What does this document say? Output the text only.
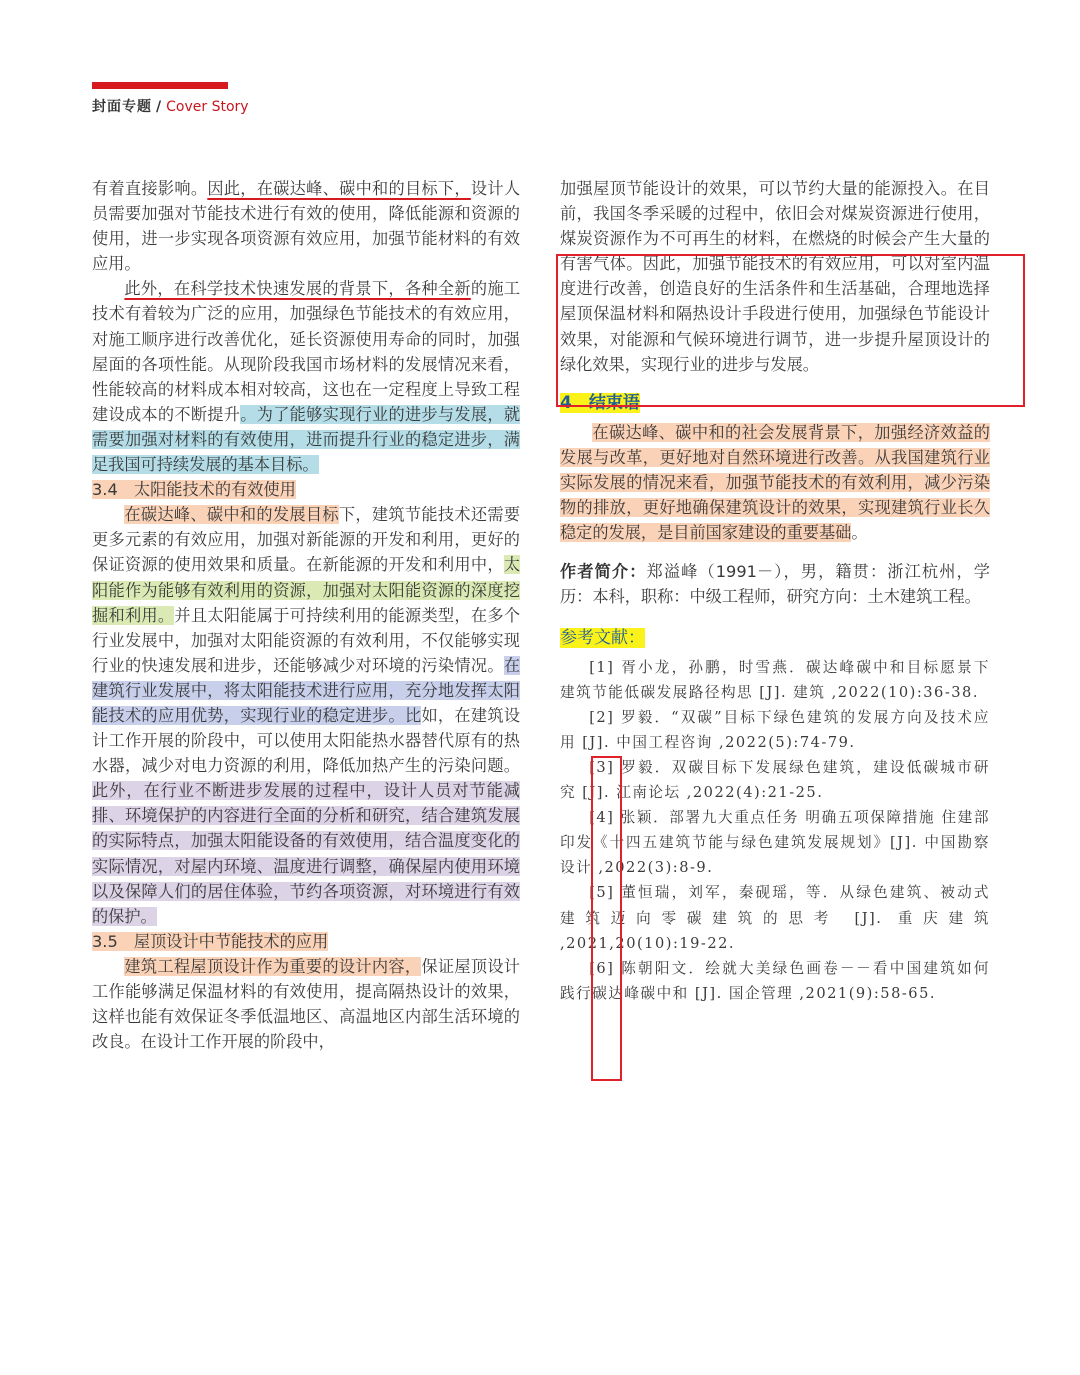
封面专题 / Cover Story

有着直接影响。因此，在碳达峰、碳中和的目标下，设计人员需要加强对节能技术进行有效的使用，降低能源和资源的使用，进一步实现各项资源有效应用，加强节能材料的有效应用。

此外，在科学技术快速发展的背景下，各种全新的施工技术有着较为广泛的应用，加强绿色节能技术的有效应用，对施工顺序进行改善优化，延长资源使用寿命的同时，加强屋面的各项性能。从现阶段我国市场材料的发展情况来看，性能较高的材料成本相对较高，这也在一定程度上导致工程建设成本的不断提升。为了能够实现行业的进步与发展，就需要加强对材料的有效使用，进而提升行业的稳定进步，满足我国可持续发展的基本目标。

3.4　太阳能技术的有效使用

在碳达峰、碳中和的发展目标下，建筑节能技术还需要更多元素的有效应用，加强对新能源的开发和利用，更好的保证资源的使用效果和质量。在新能源的开发和利用中，太阳能作为能够有效利用的资源，加强对太阳能资源的深度挖掘和利用。并且太阳能属于可持续利用的能源类型，在多个行业发展中，加强对太阳能资源的有效利用，不仅能够实现行业的快速发展和进步，还能够减少对环境的污染情况。在建筑行业发展中，将太阳能技术进行应用，充分地发挥太阳能技术的应用优势，实现行业的稳定进步。比如，在建筑设计工作开展的阶段中，可以使用太阳能热水器替代原有的热水器，减少对电力资源的利用，降低加热产生的污染问题。此外，在行业不断进步发展的过程中，设计人员对节能减排、环境保护的内容进行全面的分析和研究，结合建筑发展的实际特点，加强太阳能设备的有效使用，结合温度变化的实际情况，对屋内环境、温度进行调整，确保屋内使用环境以及保障人们的居住体验，节约各项资源，对环境进行有效的保护。

3.5　屋顶设计中节能技术的应用

建筑工程屋顶设计作为重要的设计内容，保证屋顶设计工作能够满足保温材料的有效使用，提高隔热设计的效果，这样也能有效保证冬季低温地区、高温地区内部生活环境的改良。在设计工作开展的阶段中，

加强屋顶节能设计的效果，可以节约大量的能源投入。在目前，我国冬季采暖的过程中，依旧会对煤炭资源进行使用，煤炭资源作为不可再生的材料，在燃烧的时候会产生大量的有害气体。因此，加强节能技术的有效应用，可以对室内温度进行改善，创造良好的生活条件和生活基础，合理地选择屋顶保温材料和隔热设计手段进行使用，加强绿色节能设计效果，对能源和气候环境进行调节，进一步提升屋顶设计的绿化效果，实现行业的进步与发展。

4　结束语

在碳达峰、碳中和的社会发展背景下，加强经济效益的发展与改革，更好地对自然环境进行改善。从我国建筑行业实际发展的情况来看，加强节能技术的有效利用，减少污染物的排放，更好地确保建筑设计的效果，实现建筑行业长久稳定的发展，是目前国家建设的重要基础。

作者简介：郑溢峰（1991－），男，籍贯：浙江杭州，学历：本科，职称：中级工程师，研究方向：土木建筑工程。

参考文献：

[1] 胥小龙，孙鹏，时雪燕．碳达峰碳中和目标愿景下建筑节能低碳发展路径构思 [J]. 建筑 ,2022(10):36-38.

[2] 罗毅．“双碳”目标下绿色建筑的发展方向及技术应用 [J]. 中国工程咨询 ,2022(5):74-79.

[3] 罗毅．双碳目标下发展绿色建筑，建设低碳城市研究 [J]. 江南论坛 ,2022(4):21-25.

[4] 张颖．部署九大重点任务 明确五项保障措施 住建部印发《十四五建筑节能与绿色建筑发展规划》[J]. 中国勘察设计 ,2022(3):8-9.

[5] 董恒瑞，刘军，秦砚瑶，等．从绿色建筑、被动式建筑迈向零碳建筑的思考 [J]. 重庆建筑 ,2021,20(10):19-22.

[6] 陈朝阳文．绘就大美绿色画卷－－看中国建筑如何践行碳达峰碳中和 [J]. 国企管理 ,2021(9):58-65.
